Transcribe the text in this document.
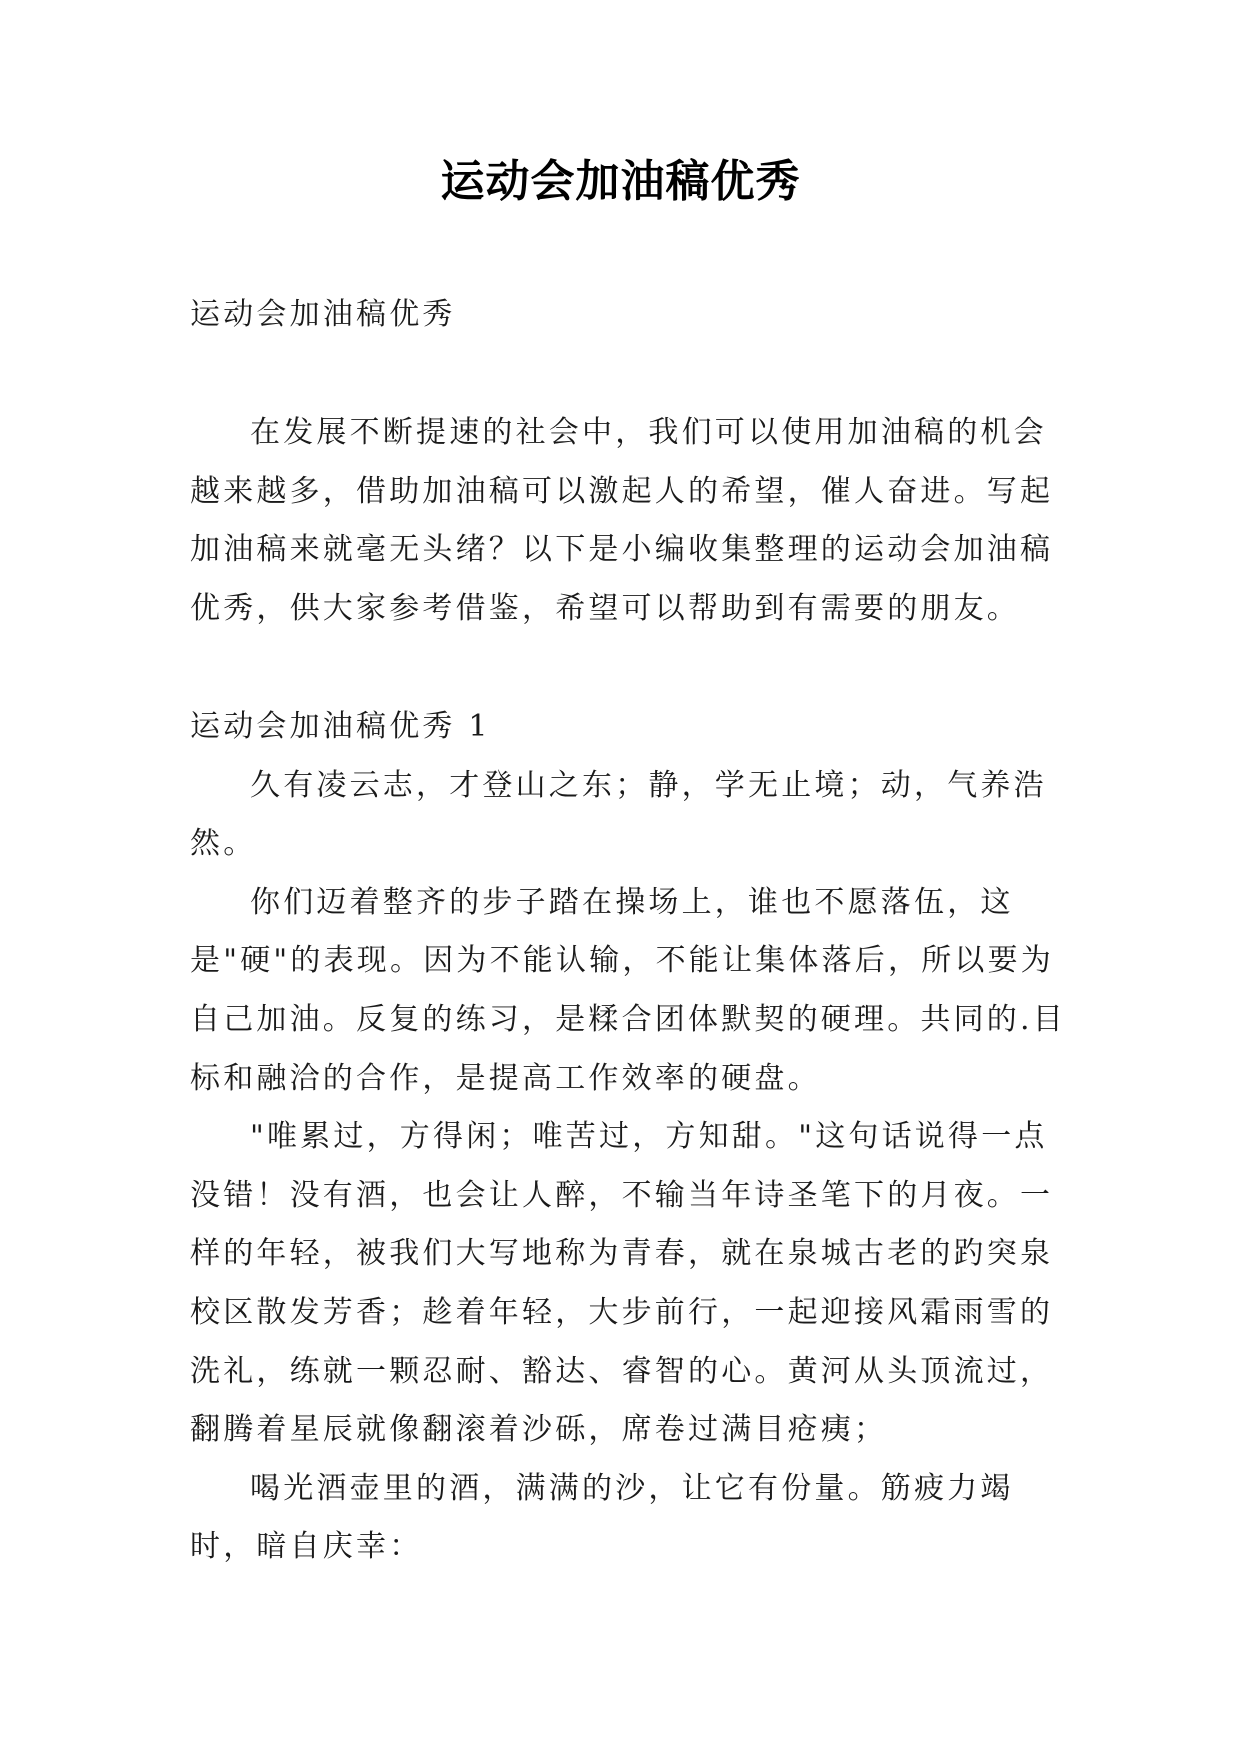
运动会加油稿优秀
运动会加油稿优秀

在发展不断提速的社会中，我们可以使用加油稿的机会越来越多，借助加油稿可以激起人的希望，催人奋进。写起加油稿来就毫无头绪？以下是小编收集整理的运动会加油稿优秀，供大家参考借鉴，希望可以帮助到有需要的朋友。

运动会加油稿优秀 1

久有凌云志，才登山之东；静，学无止境；动，气养浩然。

你们迈着整齐的步子踏在操场上，谁也不愿落伍，这是"硬"的表现。因为不能认输，不能让集体落后，所以要为自己加油。反复的练习，是糅合团体默契的硬理。共同的.目标和融洽的合作，是提高工作效率的硬盘。

"唯累过，方得闲；唯苦过，方知甜。"这句话说得一点没错！没有酒，也会让人醉，不输当年诗圣笔下的月夜。一样的年轻，被我们大写地称为青春，就在泉城古老的趵突泉校区散发芳香；趁着年轻，大步前行，一起迎接风霜雨雪的洗礼，练就一颗忍耐、豁达、睿智的心。黄河从头顶流过，翻腾着星辰就像翻滚着沙砾，席卷过满目疮痍；

喝光酒壶里的酒，满满的沙，让它有份量。筋疲力竭时，暗自庆幸：
